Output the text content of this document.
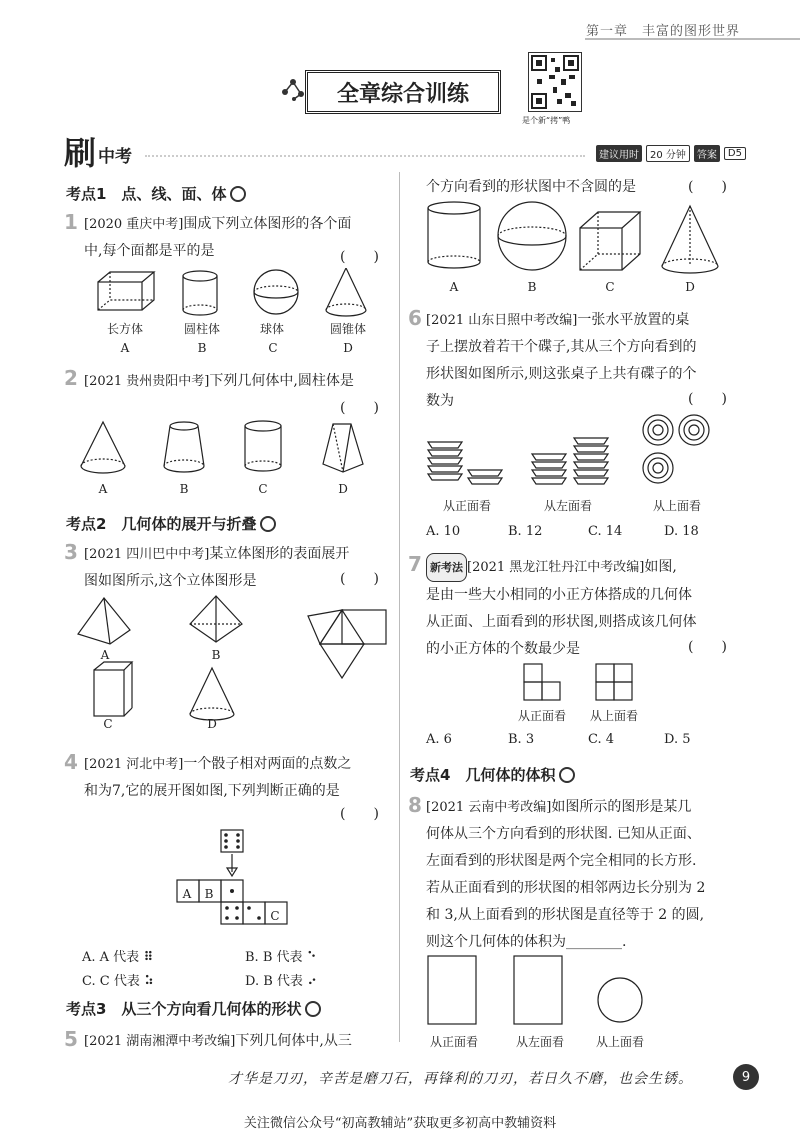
第一章　丰富的图形世界
全章综合训练
是个新“拷”鸭
刷 中考	建议用时	20 分钟	答案	D5
考点1　点、线、面、体
1 [2020 重庆中考]围成下列立体图形的各个面
中,每个面都是平的是	(　　)
长方体	圆柱体	球体	圆锥体
A	B	C	D
2 [2021 贵州贵阳中考]下列几何体中,圆柱体是
(　　)
A	B	C	D
考点2　几何体的展开与折叠
3 [2021 四川巴中中考]某立体图形的表面展开
图如图所示,这个立体图形是	(　　)
A	B
C	D
4 [2021 河北中考]一个骰子相对两面的点数之
和为7,它的展开图如图,下列判断正确的是
(　　)
A B
C
A. A 代表 ⠿	B. B 代表 ⠑
C. C 代表 ⠵	D. B 代表 ⠔
考点3　从三个方向看几何体的形状
5 [2021 湖南湘潭中考改编]下列几何体中,从三
个方向看到的形状图中不含圆的是	(　　)
A	B	C	D
6 [2021 山东日照中考改编]一张水平放置的桌
子上摆放着若干个碟子,其从三个方向看到的
形状图如图所示,则这张桌子上共有碟子的个
数为	(　　)
从正面看	从左面看	从上面看
A. 10	B. 12	C. 14	D. 18
7 新考法 [2021 黑龙江牡丹江中考改编]如图,
是由一些大小相同的小正方体搭成的几何体
从正面、上面看到的形状图,则搭成该几何体
的小正方体的个数最少是	(　　)
从正面看	从上面看
A. 6	B. 3	C. 4	D. 5
考点4　几何体的体积
8 [2021 云南中考改编]如图所示的图形是某几
何体从三个方向看到的形状图. 已知从正面、
左面看到的形状图是两个完全相同的长方形.
若从正面看到的形状图的相邻两边长分别为 2
和 3,从上面看到的形状图是直径等于 2 的圆,
则这个几何体的体积为________.
从正面看	从左面看	从上面看
才华是刀刃，辛苦是磨刀石，再锋利的刀刃，若日久不磨，也会生锈。	9
关注微信公众号“初高教辅站”获取更多初高中教辅资料
